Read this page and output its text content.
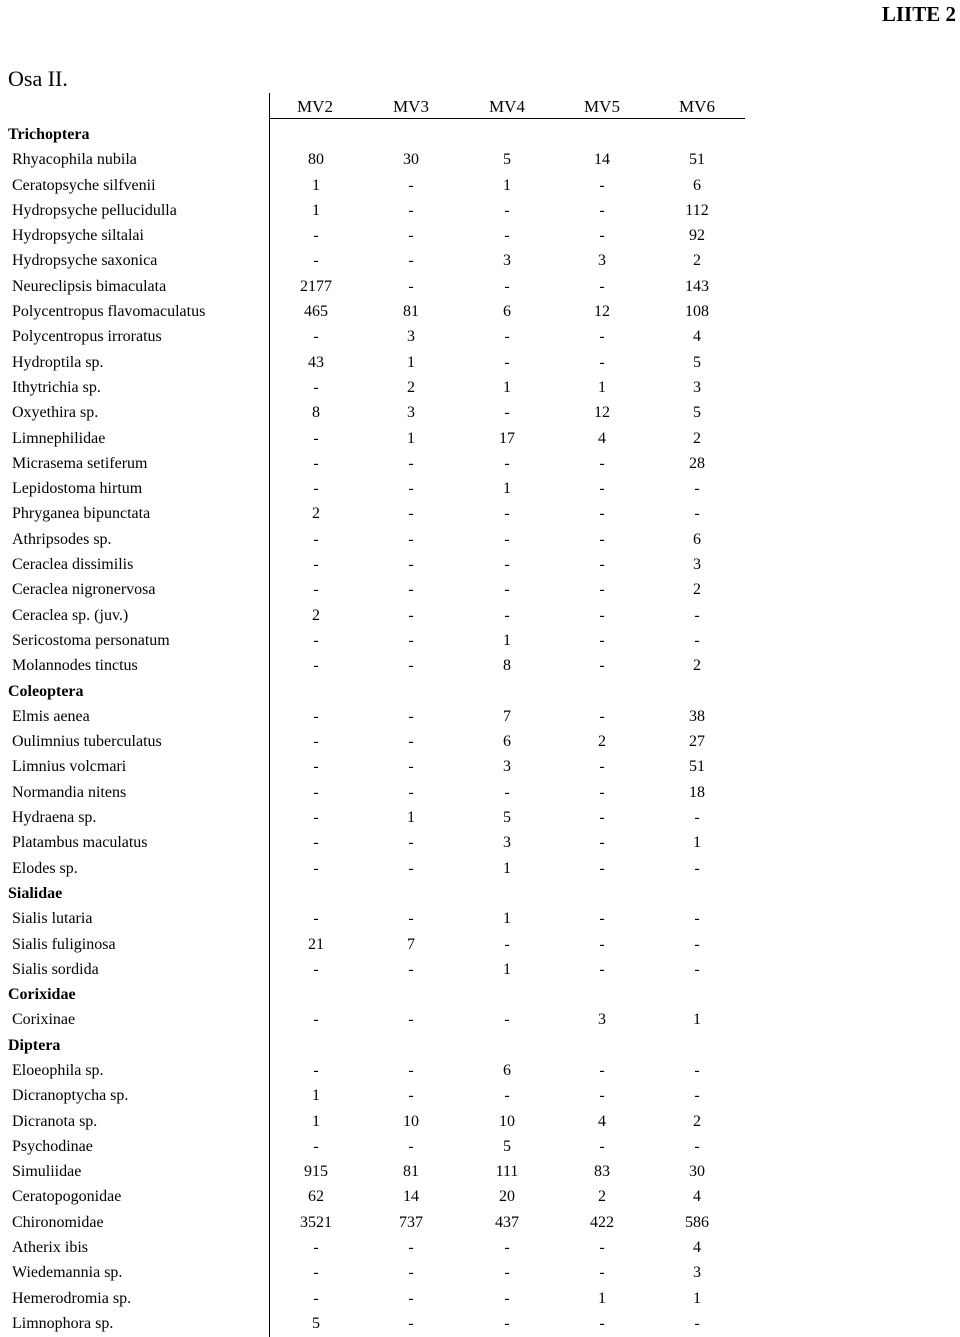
LIITE 2
Osa II.
MV2	MV3	MV4	MV5	MV6
Trichoptera
Rhyacophila nubila	80	30	5	14	51
Ceratopsyche silfvenii	1	-	1	-	6
Hydropsyche pellucidulla	1	-	-	-	112
Hydropsyche siltalai	-	-	-	-	92
Hydropsyche saxonica	-	-	3	3	2
Neureclipsis bimaculata	2177	-	-	-	143
Polycentropus flavomaculatus	465	81	6	12	108
Polycentropus irroratus	-	3	-	-	4
Hydroptila sp.	43	1	-	-	5
Ithytrichia sp.	-	2	1	1	3
Oxyethira sp.	8	3	-	12	5
Limnephilidae	-	1	17	4	2
Micrasema setiferum	-	-	-	-	28
Lepidostoma hirtum	-	-	1	-	-
Phryganea bipunctata	2	-	-	-	-
Athripsodes sp.	-	-	-	-	6
Ceraclea dissimilis	-	-	-	-	3
Ceraclea nigronervosa	-	-	-	-	2
Ceraclea sp. (juv.)	2	-	-	-	-
Sericostoma personatum	-	-	1	-	-
Molannodes tinctus	-	-	8	-	2
Coleoptera
Elmis aenea	-	-	7	-	38
Oulimnius tuberculatus	-	-	6	2	27
Limnius volcmari	-	-	3	-	51
Normandia nitens	-	-	-	-	18
Hydraena sp.	-	1	5	-	-
Platambus maculatus	-	-	3	-	1
Elodes sp.	-	-	1	-	-
Sialidae
Sialis lutaria	-	-	1	-	-
Sialis fuliginosa	21	7	-	-	-
Sialis sordida	-	-	1	-	-
Corixidae
Corixinae	-	-	-	3	1
Diptera
Eloeophila sp.	-	-	6	-	-
Dicranoptycha sp.	1	-	-	-	-
Dicranota sp.	1	10	10	4	2
Psychodinae	-	-	5	-	-
Simuliidae	915	81	111	83	30
Ceratopogonidae	62	14	20	2	4
Chironomidae	3521	737	437	422	586
Atherix ibis	-	-	-	-	4
Wiedemannia sp.	-	-	-	-	3
Hemerodromia sp.	-	-	-	1	1
Limnophora sp.	5	-	-	-	-
